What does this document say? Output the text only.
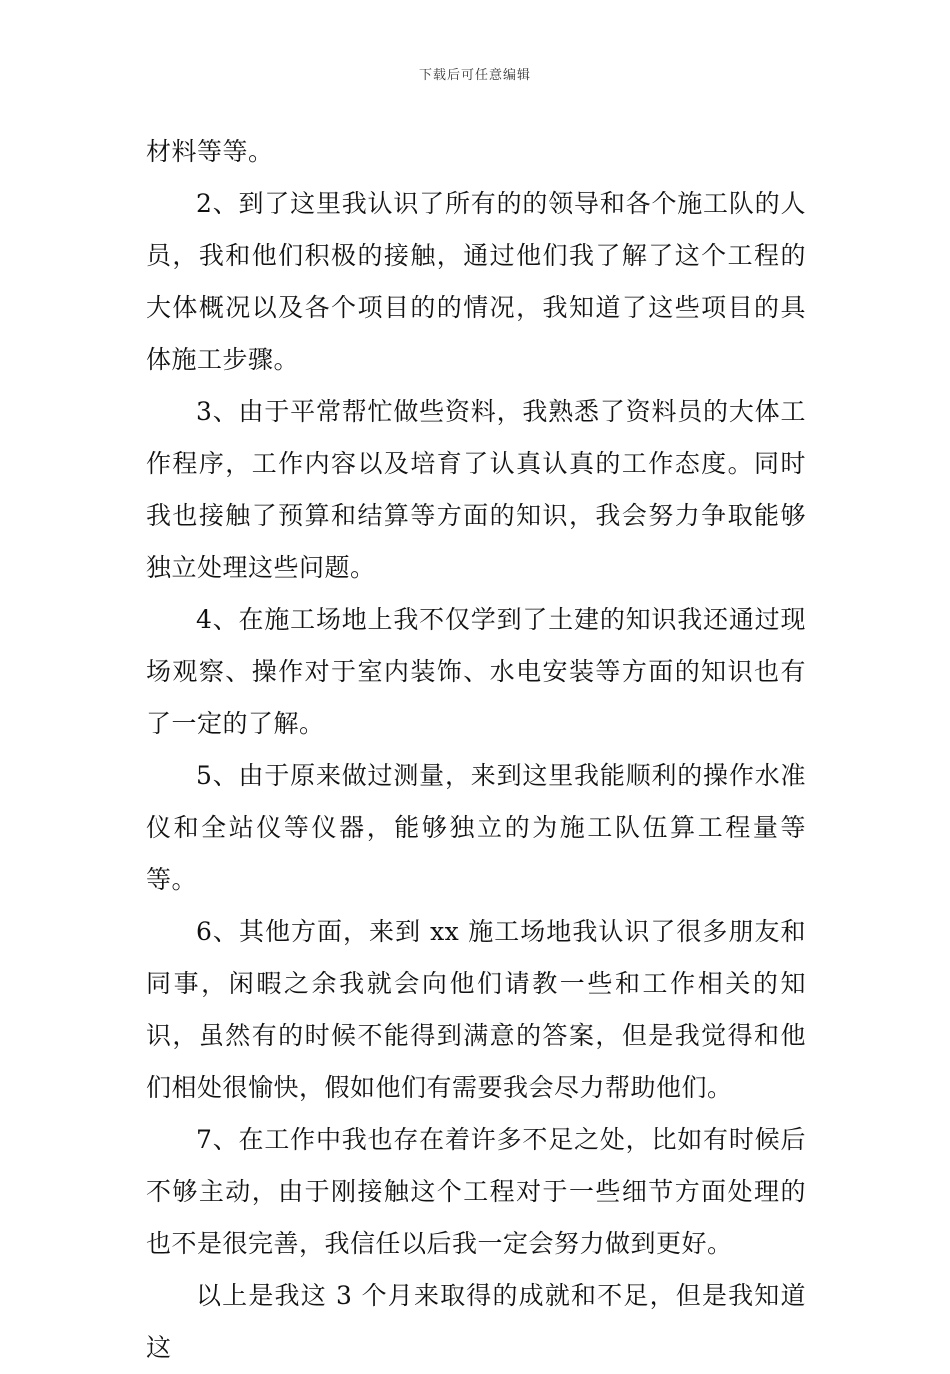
下载后可任意编辑

材料等等。

2、到了这里我认识了所有的的领导和各个施工队的人员，我和他们积极的接触，通过他们我了解了这个工程的大体概况以及各个项目的的情况，我知道了这些项目的具体施工步骤。

3、由于平常帮忙做些资料，我熟悉了资料员的大体工作程序，工作内容以及培育了认真认真的工作态度。同时我也接触了预算和结算等方面的知识，我会努力争取能够独立处理这些问题。

4、在施工场地上我不仅学到了土建的知识我还通过现场观察、操作对于室内装饰、水电安装等方面的知识也有了一定的了解。

5、由于原来做过测量，来到这里我能顺利的操作水准仪和全站仪等仪器，能够独立的为施工队伍算工程量等等。

6、其他方面，来到 xx 施工场地我认识了很多朋友和同事，闲暇之余我就会向他们请教一些和工作相关的知识，虽然有的时候不能得到满意的答案，但是我觉得和他们相处很愉快，假如他们有需要我会尽力帮助他们。

7、在工作中我也存在着许多不足之处，比如有时候后不够主动，由于刚接触这个工程对于一些细节方面处理的也不是很完善，我信任以后我一定会努力做到更好。

以上是我这 3 个月来取得的成就和不足，但是我知道这
